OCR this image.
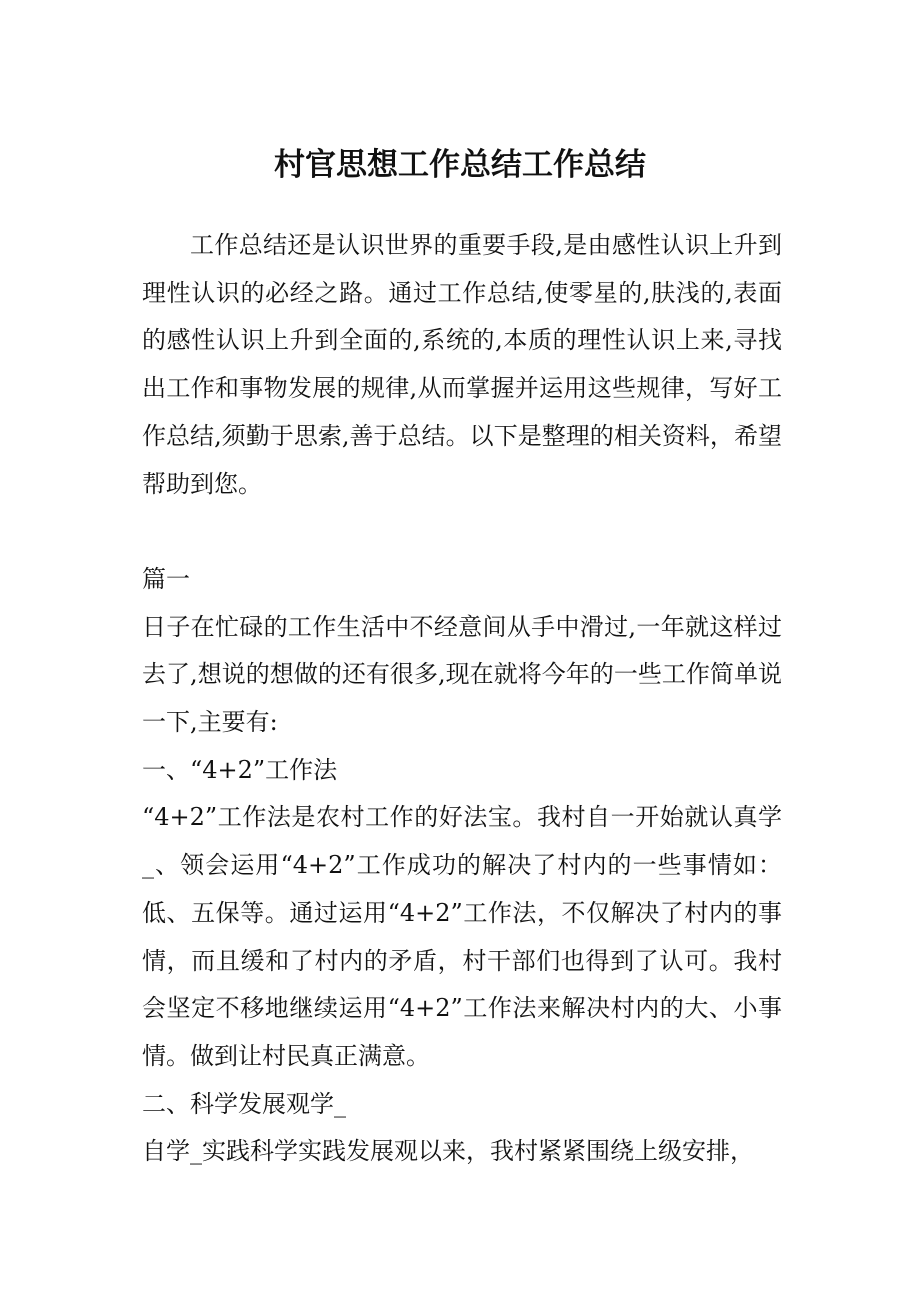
村官思想工作总结工作总结

工作总结还是认识世界的重要手段,是由感性认识上升到理性认识的必经之路。通过工作总结,使零星的,肤浅的,表面的感性认识上升到全面的,系统的,本质的理性认识上来,寻找出工作和事物发展的规律,从而掌握并运用这些规律，写好工作总结,须勤于思索,善于总结。以下是整理的相关资料，希望帮助到您。

篇一

日子在忙碌的工作生活中不经意间从手中滑过,一年就这样过去了,想说的想做的还有很多,现在就将今年的一些工作简单说一下,主要有:

一、“4+2”工作法

“4+2”工作法是农村工作的好法宝。我村自一开始就认真学_、领会运用“4+2”工作成功的解决了村内的一些事情如：低、五保等。通过运用“4+2”工作法，不仅解决了村内的事情，而且缓和了村内的矛盾，村干部们也得到了认可。我村会坚定不移地继续运用“4+2”工作法来解决村内的大、小事情。做到让村民真正满意。

二、科学发展观学_

自学_实践科学实践发展观以来，我村紧紧围绕上级安排，
